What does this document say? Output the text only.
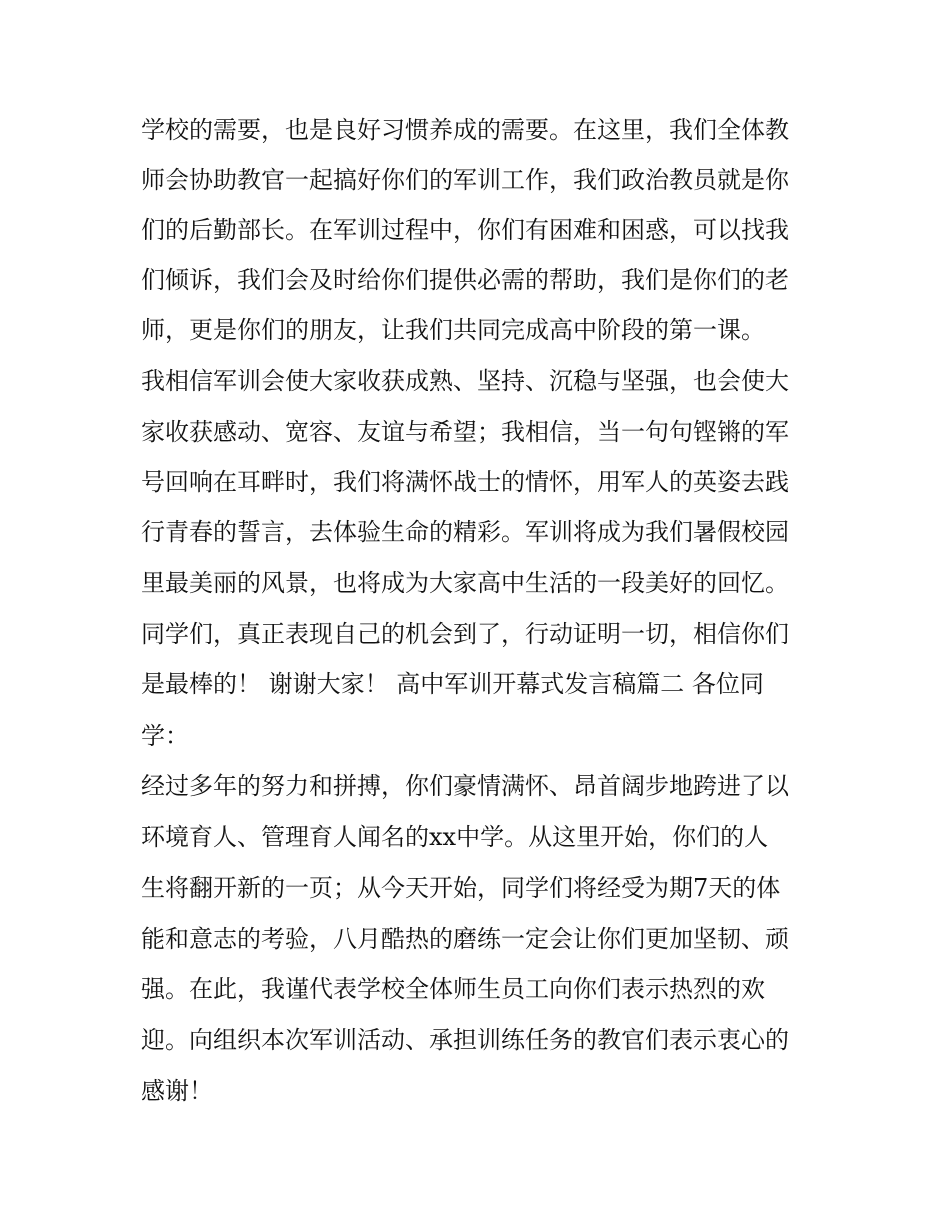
学校的需要，也是良好习惯养成的需要。在这里，我们全体教
师会协助教官一起搞好你们的军训工作，我们政治教员就是你
们的后勤部长。在军训过程中，你们有困难和困惑，可以找我
们倾诉，我们会及时给你们提供必需的帮助，我们是你们的老
师，更是你们的朋友，让我们共同完成高中阶段的第一课。
我相信军训会使大家收获成熟、坚持、沉稳与坚强，也会使大
家收获感动、宽容、友谊与希望；我相信，当一句句铿锵的军
号回响在耳畔时，我们将满怀战士的情怀，用军人的英姿去践
行青春的誓言，去体验生命的精彩。军训将成为我们暑假校园
里最美丽的风景，也将成为大家高中生活的一段美好的回忆。
同学们，真正表现自己的机会到了，行动证明一切，相信你们
是最棒的！ 谢谢大家！ 高中军训开幕式发言稿篇二 各位同
学：
经过多年的努力和拼搏，你们豪情满怀、昂首阔步地跨进了以
环境育人、管理育人闻名的xx中学。从这里开始，你们的人
生将翻开新的一页；从今天开始，同学们将经受为期7天的体
能和意志的考验，八月酷热的磨练一定会让你们更加坚韧、顽
强。在此，我谨代表学校全体师生员工向你们表示热烈的欢
迎。向组织本次军训活动、承担训练任务的教官们表示衷心的
感谢！
